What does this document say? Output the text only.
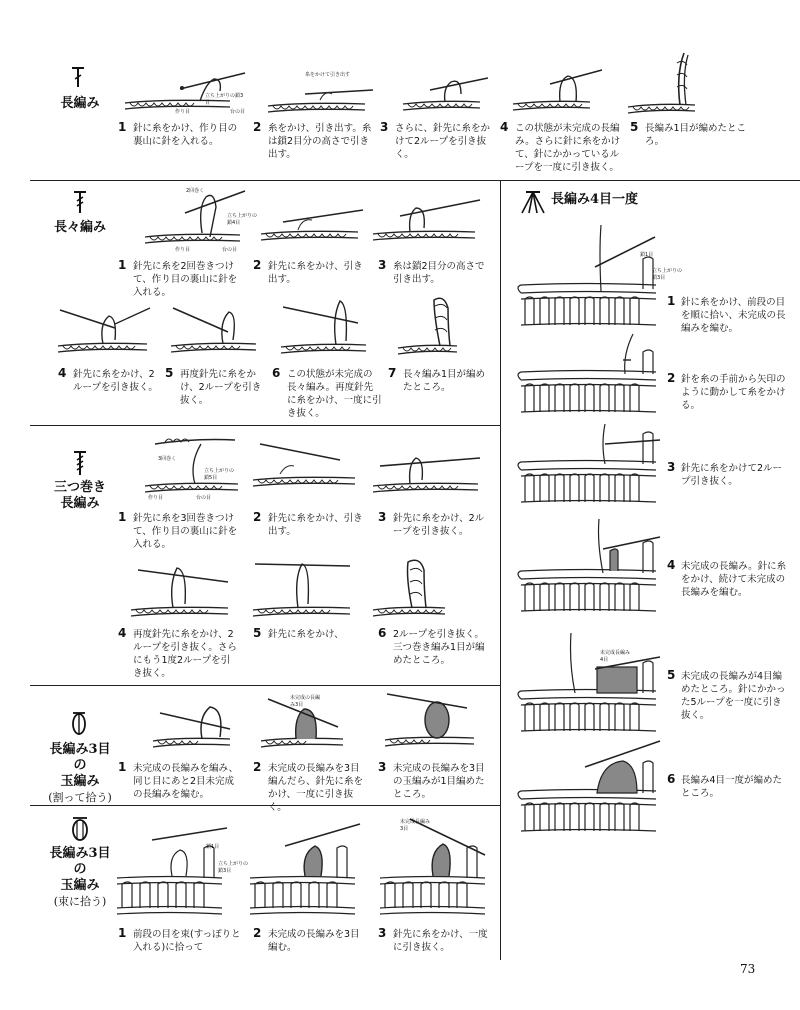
長編み	立ち上がりの鎖3目
台の目
作り目
糸をかけて引き出す
1 針に糸をかけ、作り目の裏山に針を入れる。
2 糸をかけ、引き出す。糸は鎖2目分の高さで引き出す。
3 さらに、針先に糸をかけて2ループを引き抜く。
4 この状態が未完成の長編み。さらに針に糸をかけて、針にかかっているループを一度に引き抜く。
5 長編み1目が編めたところ。
長々編み
2回巻く
立ち上がりの鎖4目
作り目	台の目
1 針先に糸を2回巻きつけて、作り目の裏山に針を入れる。
2 針先に糸をかけ、引き出す。
3 糸は鎖2目分の高さで引き出す。
4 針先に糸をかけ、2ループを引き抜く。
5 再度針先に糸をかけ、2ループを引き抜く。
6 この状態が未完成の長々編み。再度針先に糸をかけ、一度に引き抜く。
7 長々編み1目が編めたところ。
三つ巻き
長編み
3回巻く
立ち上がりの鎖5目
作り目	台の目
1 針先に糸を3回巻きつけて、作り目の裏山に針を入れる。
2 針先に糸をかけ、引き出す。
3 針先に糸をかけ、2ループを引き抜く。
4 再度針先に糸をかけ、2ループを引き抜く。さらにもう1度2ループを引き抜く。
5 針先に糸をかけ、	6 2ループを引き抜く。三つ巻き編み1目が編めたところ。
長編み3目の
玉編み
(割って拾う)
未完成の長編み3目
1 未完成の長編みを編み、同じ目にあと2目未完成の長編みを編む。
2 未完成の長編みを3目編んだら、針先に糸をかけ、一度に引き抜く。
3 未完成の長編みを3目の玉編みが1目編めたところ。
長編み3目の
玉編み
(束に拾う)
鎖1目
立ち上がりの鎖3目
未完成長編み3目
1 前段の目を束(すっぽりと入れる)に拾って
2 未完成の長編みを3目編む。
3 針先に糸をかけ、一度に引き抜く。
長編み4目一度
鎖1目
立ち上がりの鎖3目
未完成長編み4目
1 針に糸をかけ、前段の目を順に拾い、未完成の長編みを編む。
2 針を糸の手前から矢印のように動かして糸をかける。
3 針先に糸をかけて2ループ引き抜く。
4 未完成の長編み。針に糸をかけ、続けて未完成の長編みを編む。
5 未完成の長編みが4目編めたところ。針にかかった5ループを一度に引き抜く。
6 長編み4目一度が編めたところ。
73
